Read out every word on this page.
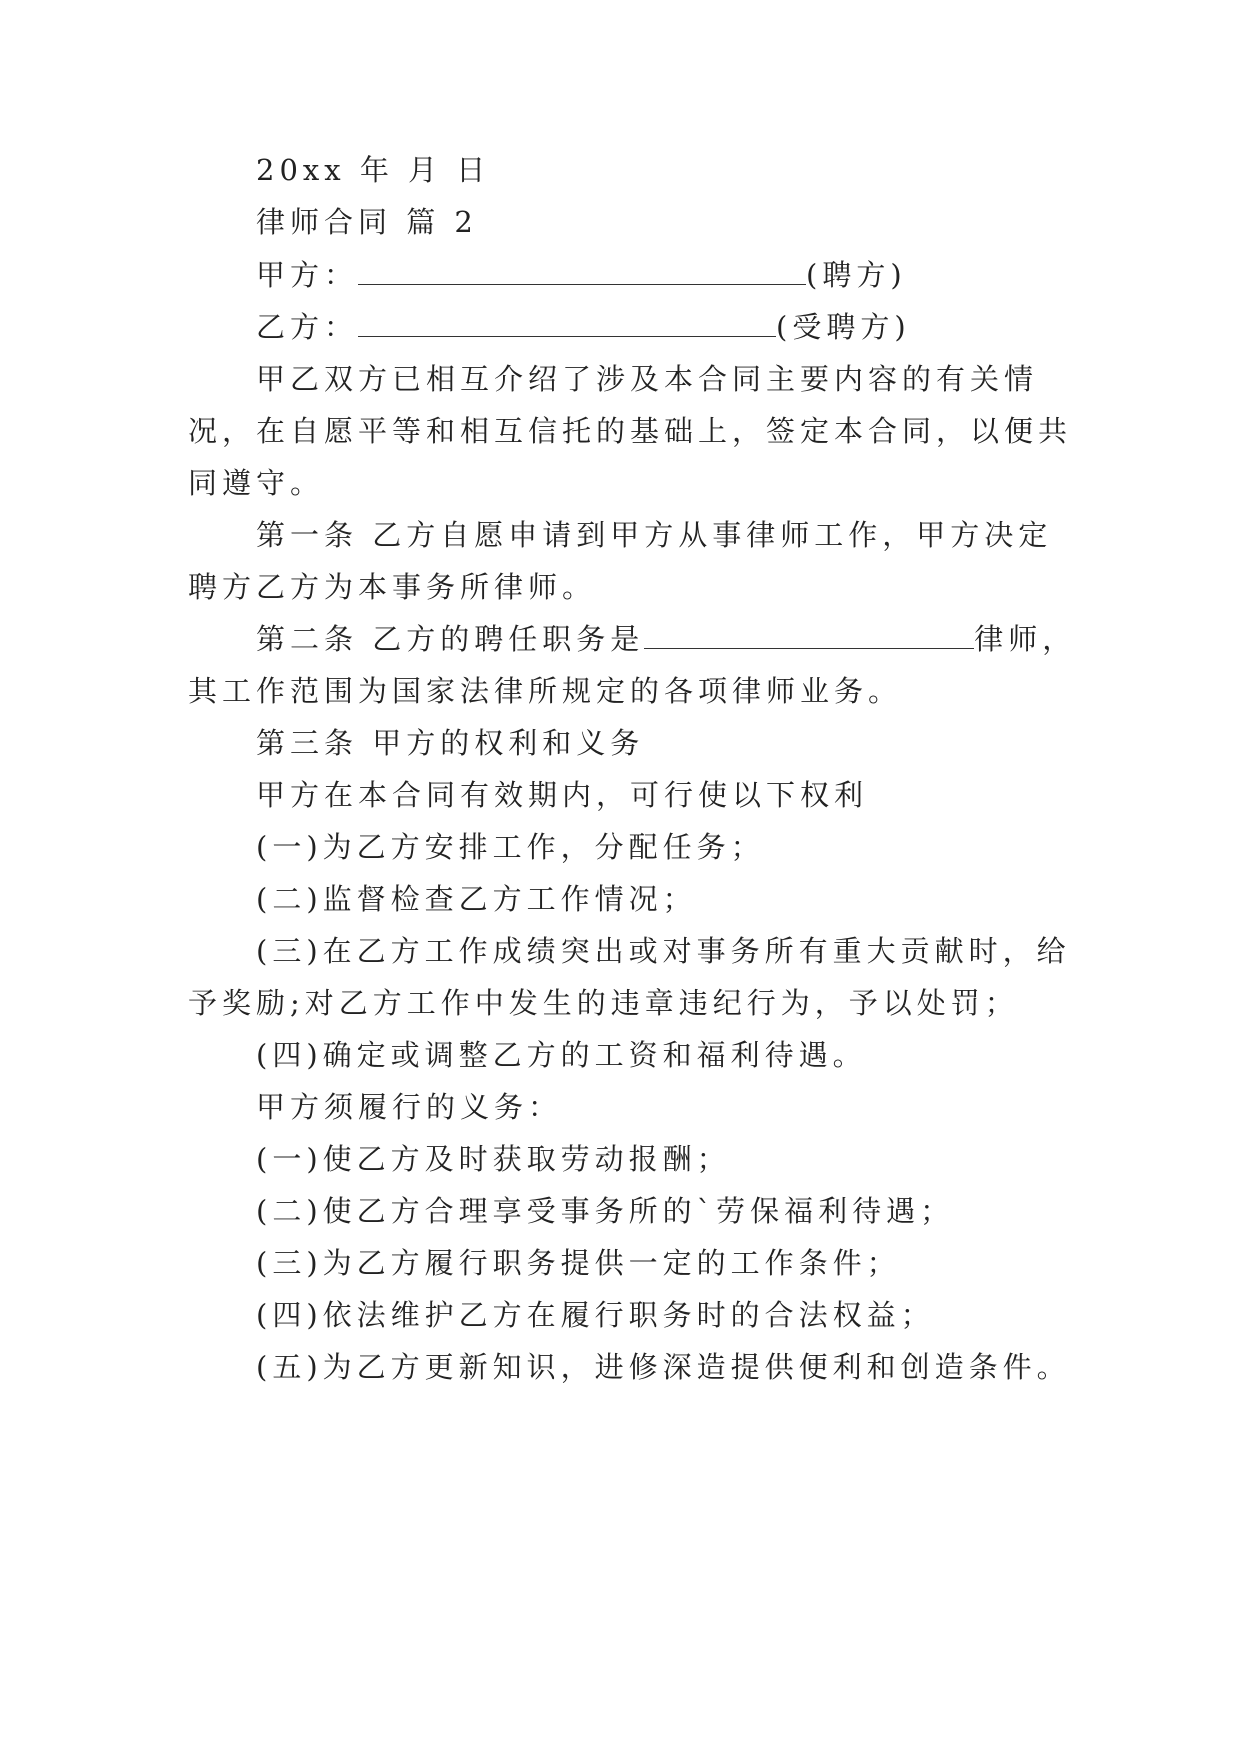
20xx 年 月 日
律师合同 篇 2
甲方：	(聘方)
乙方：	(受聘方)
甲乙双方已相互介绍了涉及本合同主要内容的有关情
况，在自愿平等和相互信托的基础上，签定本合同，以便共
同遵守。
第一条 乙方自愿申请到甲方从事律师工作，甲方决定
聘方乙方为本事务所律师。
第二条 乙方的聘任职务是	律师，
其工作范围为国家法律所规定的各项律师业务。
第三条 甲方的权利和义务
甲方在本合同有效期内，可行使以下权利
(一)为乙方安排工作，分配任务；
(二)监督检查乙方工作情况；
(三)在乙方工作成绩突出或对事务所有重大贡献时，给
予奖励;对乙方工作中发生的违章违纪行为，予以处罚；
(四)确定或调整乙方的工资和福利待遇。
甲方须履行的义务：
(一)使乙方及时获取劳动报酬；
(二)使乙方合理享受事务所的`劳保福利待遇；
(三)为乙方履行职务提供一定的工作条件；
(四)依法维护乙方在履行职务时的合法权益；
(五)为乙方更新知识，进修深造提供便利和创造条件。
